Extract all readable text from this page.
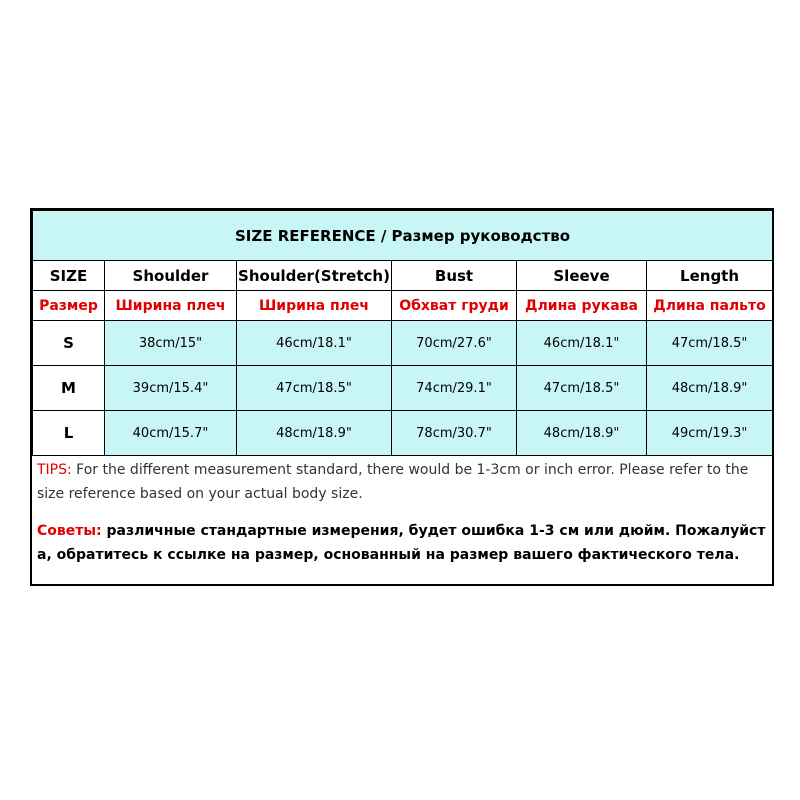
SIZE REFERENCE / Размер руководство					
SIZE	Shoulder	Shoulder(Stretch)	Bust	Sleeve	Length
Размер	Ширина плеч	Ширина плеч	Обхват груди	Длина рукава	Длина пальто
S	38cm/15"	46cm/18.1"	70cm/27.6"	46cm/18.1"	47cm/18.5"
M	39cm/15.4"	47cm/18.5"	74cm/29.1"	47cm/18.5"	48cm/18.9"
L	40cm/15.7"	48cm/18.9"	78cm/30.7"	48cm/18.9"	49cm/19.3"

TIPS: For the different measurement standard, there would be 1-3cm or inch error. Please refer to the size reference based on your actual body size.

Советы: различные стандартные измерения, будет ошибка 1-3 см или дюйм. Пожалуйст а, обратитесь к ссылке на размер, основанный на размер вашего фактического тела.
